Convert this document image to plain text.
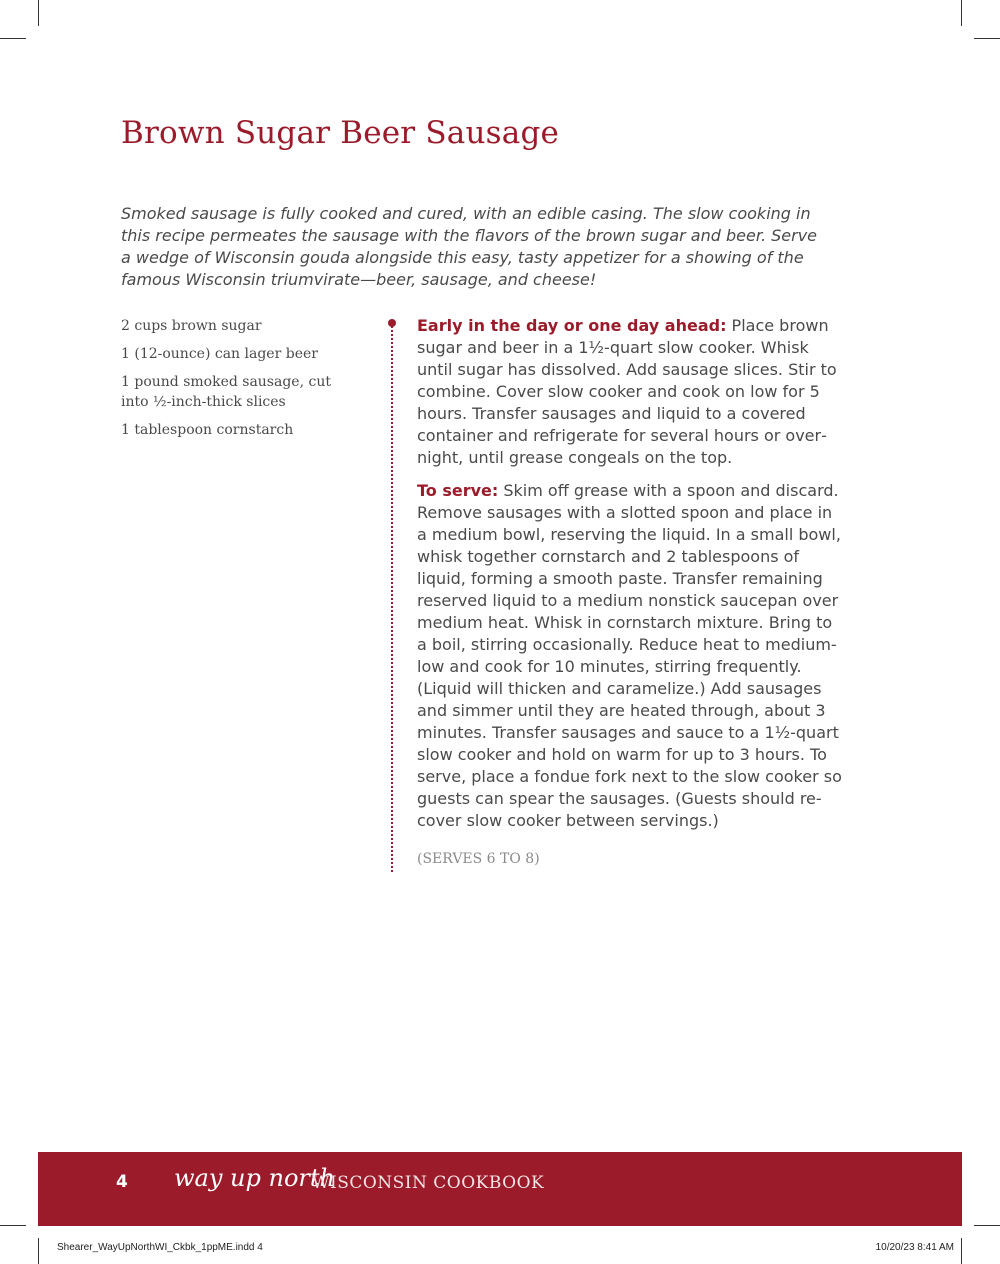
Brown Sugar Beer Sausage

Smoked sausage is fully cooked and cured, with an edible casing. The slow cooking in this recipe permeates the sausage with the flavors of the brown sugar and beer. Serve a wedge of Wisconsin gouda alongside this easy, tasty appetizer for a showing of the famous Wisconsin triumvirate—beer, sausage, and cheese!

2 cups brown sugar
1 (12-ounce) can lager beer
1 pound smoked sausage, cut into ½-inch-thick slices
1 tablespoon cornstarch

Early in the day or one day ahead: Place brown sugar and beer in a 1½-quart slow cooker. Whisk until sugar has dissolved. Add sausage slices. Stir to combine. Cover slow cooker and cook on low for 5 hours. Transfer sausages and liquid to a covered container and refrigerate for several hours or overnight, until grease congeals on the top.

To serve: Skim off grease with a spoon and discard. Remove sausages with a slotted spoon and place in a medium bowl, reserving the liquid. In a small bowl, whisk together cornstarch and 2 tablespoons of liquid, forming a smooth paste. Transfer remaining reserved liquid to a medium nonstick saucepan over medium heat. Whisk in cornstarch mixture. Bring to a boil, stirring occasionally. Reduce heat to medium-low and cook for 10 minutes, stirring frequently. (Liquid will thicken and caramelize.) Add sausages and simmer until they are heated through, about 3 minutes. Transfer sausages and sauce to a 1½-quart slow cooker and hold on warm for up to 3 hours. To serve, place a fondue fork next to the slow cooker so guests can spear the sausages. (Guests should re-cover slow cooker between servings.)

(SERVES 6 TO 8)

4 way up north
WISCONSIN COOKBOOK
Shearer_WayUpNorthWI_Ckbk_1ppME.indd 4	10/20/23 8:41 AM
